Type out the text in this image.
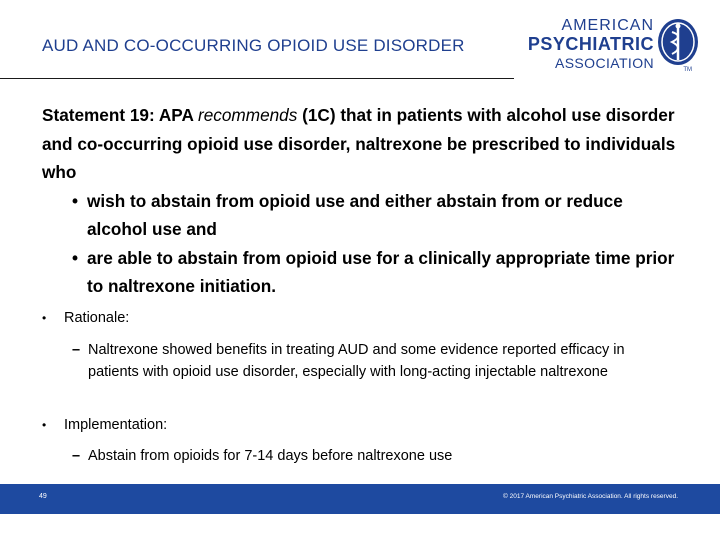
AUD AND CO-OCCURRING OPIOID USE DISORDER
AMERICAN
PSYCHIATRIC
ASSOCIATION	TM

Statement 19: APA recommends (1C) that in patients with alcohol use disorder and co-occurring opioid use disorder, naltrexone be prescribed to individuals who

• wish to abstain from opioid use and either abstain from or reduce alcohol use and
• are able to abstain from opioid use for a clinically appropriate time prior to naltrexone initiation.
•	Rationale:
– Naltrexone showed benefits in treating AUD and some evidence reported efficacy in patients with opioid use disorder, especially with long-acting injectable naltrexone
•	Implementation:
– Abstain from opioids for 7-14 days before naltrexone use
49	© 2017 American Psychiatric Association. All rights reserved.
